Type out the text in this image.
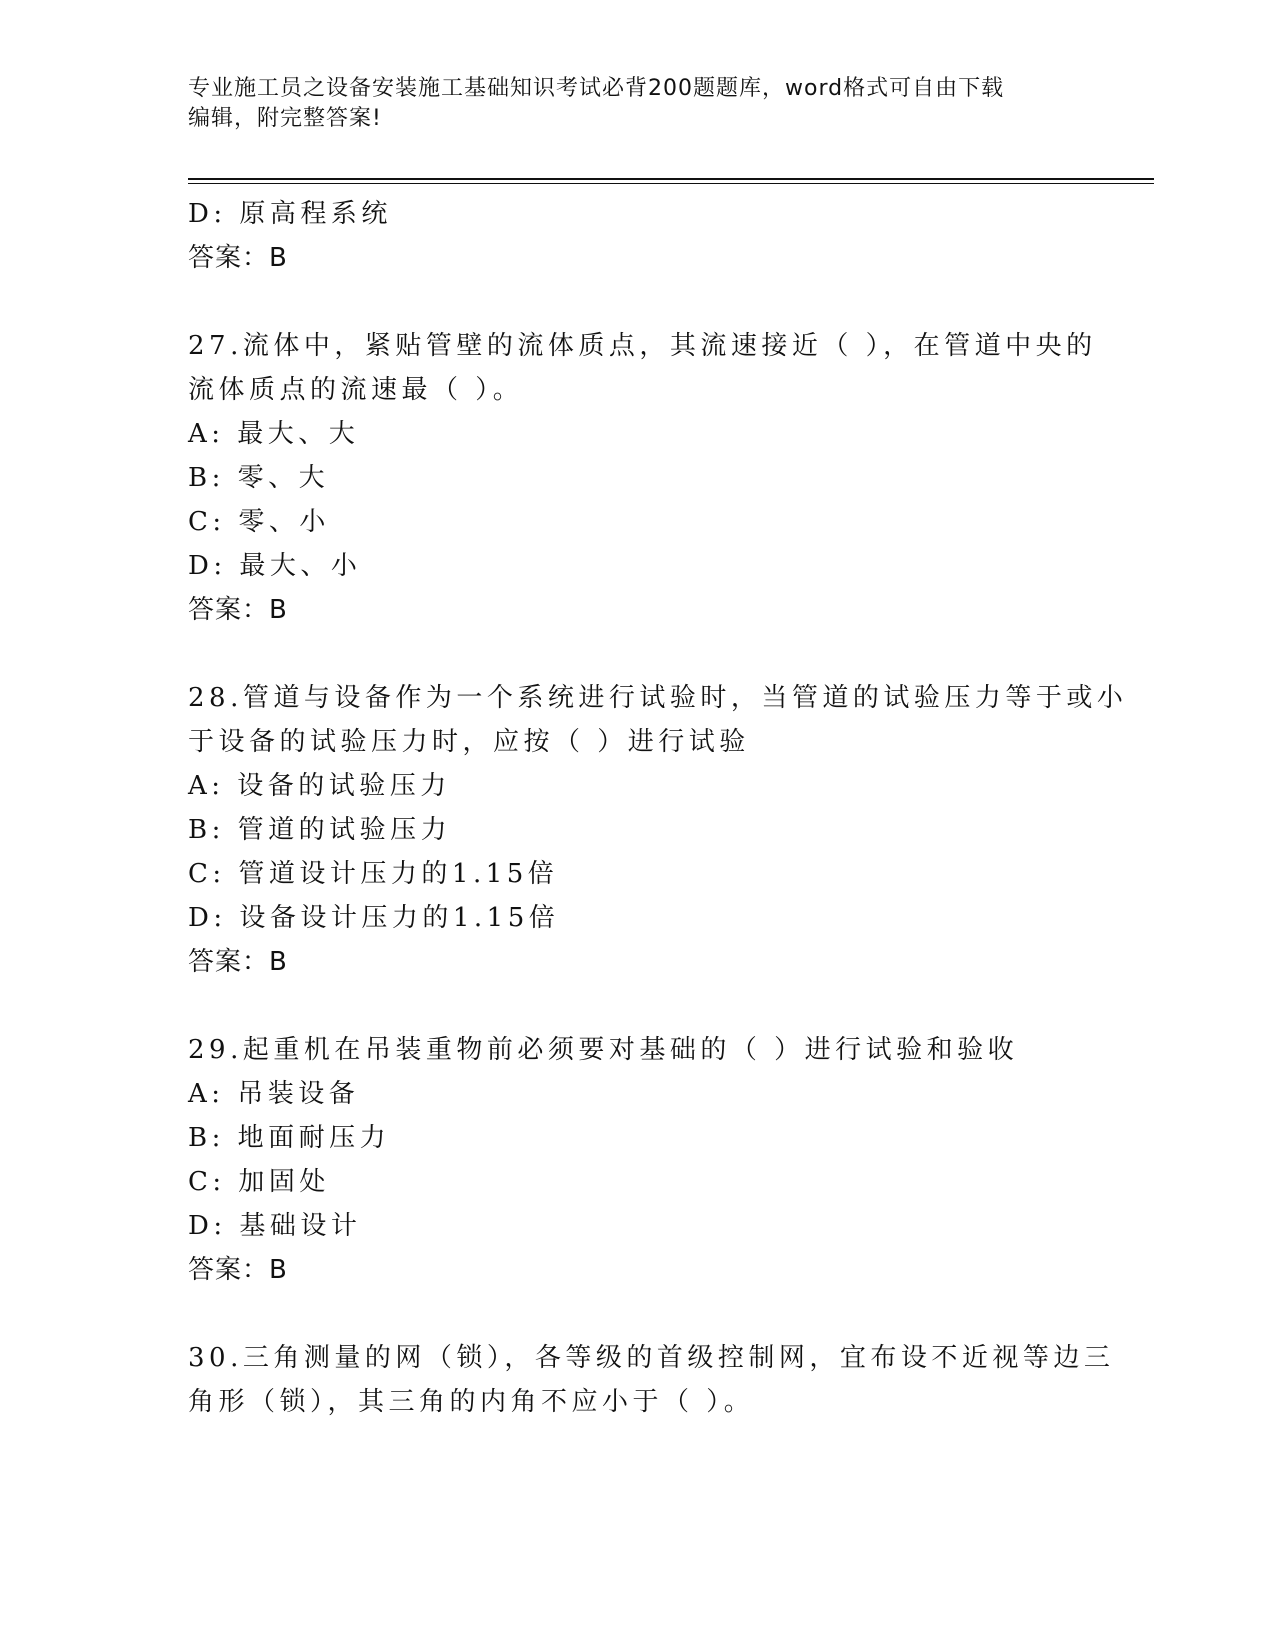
专业施工员之设备安装施工基础知识考试必背200题题库，word格式可自由下载
编辑，附完整答案!
D: 原高程系统
答案：B
27.流体中，紧贴管壁的流体质点，其流速接近（ ），在管道中央的
流体质点的流速最（ ）。
A: 最大、大
B: 零、大
C: 零、小
D: 最大、小
答案：B
28.管道与设备作为一个系统进行试验时，当管道的试验压力等于或小
于设备的试验压力时，应按（ ）进行试验
A: 设备的试验压力
B: 管道的试验压力
C: 管道设计压力的1.15倍
D: 设备设计压力的1.15倍
答案：B
29.起重机在吊装重物前必须要对基础的（ ）进行试验和验收
A: 吊装设备
B: 地面耐压力
C: 加固处
D: 基础设计
答案：B
30.三角测量的网（锁），各等级的首级控制网，宜布设不近视等边三
角形（锁），其三角的内角不应小于（ ）。
